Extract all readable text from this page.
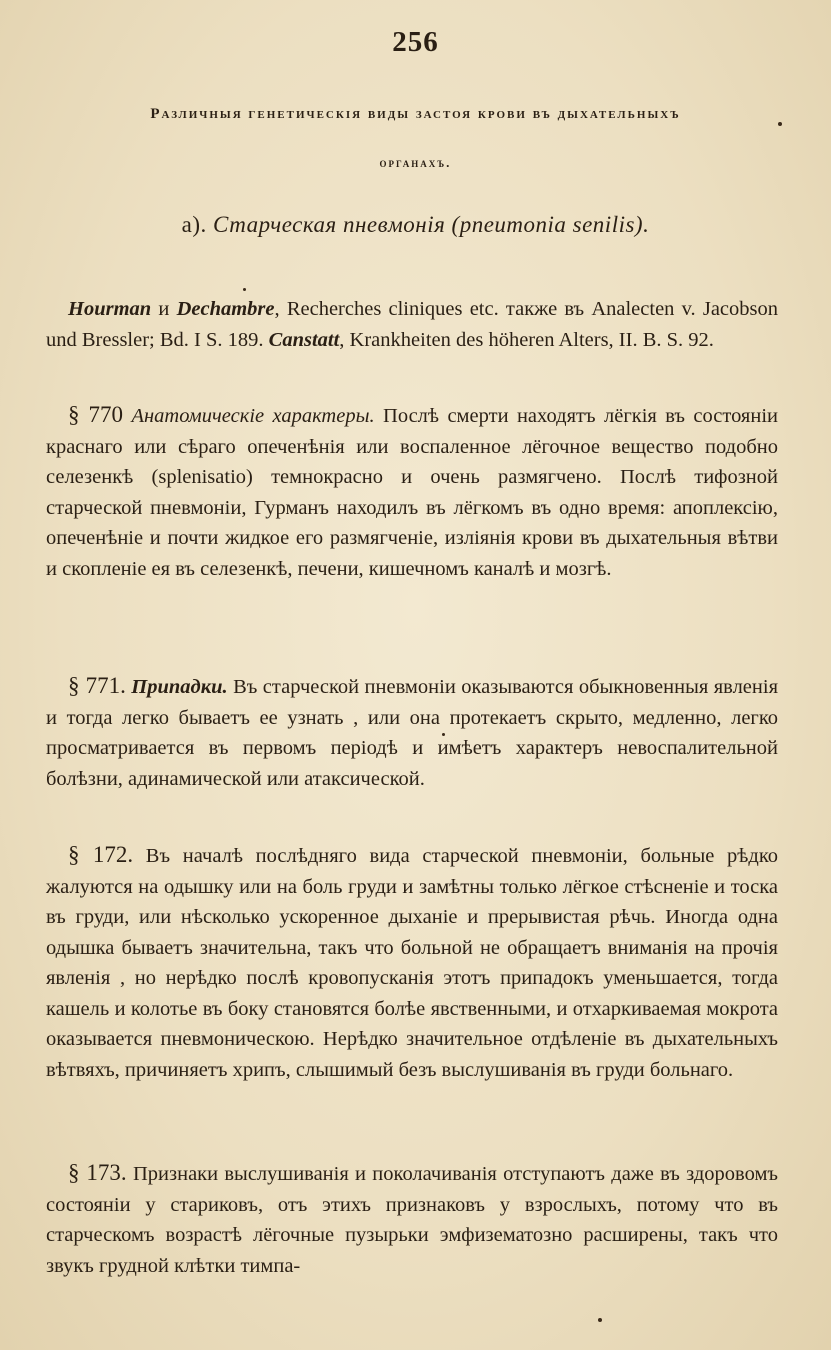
256
Различныя генетическія виды застоя крови въ дыхательныхъ
органахъ.
a). Старческая пневмонія (pneumonia senilis).
Hourman и Dechambre, Recherches cliniques etc. также въ Analecten v. Jacobson und Bressler; Bd. I S. 189. Canstatt, Krankheiten des höheren Alters, II. B. S. 92.
§ 770 Анатомическіе характеры. Послѣ смерти находятъ лёгкія въ состояніи краснаго или сѣраго опеченѣнія или воспаленное лёгочное вещество подобно селезенкѣ (splenisatio) темнокрасно и очень размягчено. Послѣ тифозной старческой пневмоніи, Гурманъ находилъ въ лёгкомъ въ одно время: апоплексію, опеченѣніе и почти жидкое его размягченіе, изліянія крови въ дыхательныя вѣтви и скопленіе ея въ селезенкѣ, печени, кишечномъ каналѣ и мозгѣ.
§ 771. Припадки. Въ старческой пневмоніи оказываются обыкновенныя явленія и тогда легко бываетъ ее узнать , или она протекаетъ скрыто, медленно, легко просматривается въ первомъ періодѣ и имѣетъ характеръ невоспалительной болѣзни, адинамической или атаксической.
§ 172. Въ началѣ послѣдняго вида старческой пневмоніи, больные рѣдко жалуются на одышку или на боль груди и замѣтны только лёгкое стѣсненіе и тоска въ груди, или нѣсколько ускоренное дыханіе и прерывистая рѣчь. Иногда одна одышка бываетъ значительна, такъ что больной не обращаетъ вниманія на прочія явленія , но нерѣдко послѣ кровопусканія этотъ припадокъ уменьшается, тогда кашель и колотье въ боку становятся болѣе явственными, и отхаркиваемая мокрота оказывается пневмоническою. Нерѣдко значительное отдѣленіе въ дыхательныхъ вѣтвяхъ, причиняетъ хрипъ, слышимый безъ выслушиванія въ груди больнаго.
§ 173. Признаки выслушиванія и поколачиванія отступаютъ даже въ здоровомъ состояніи у стариковъ, отъ этихъ признаковъ у взрослыхъ, потому что въ старческомъ возрастѣ лёгочные пузырьки эмфизематозно расширены, такъ что звукъ грудной клѣтки тимпа-
